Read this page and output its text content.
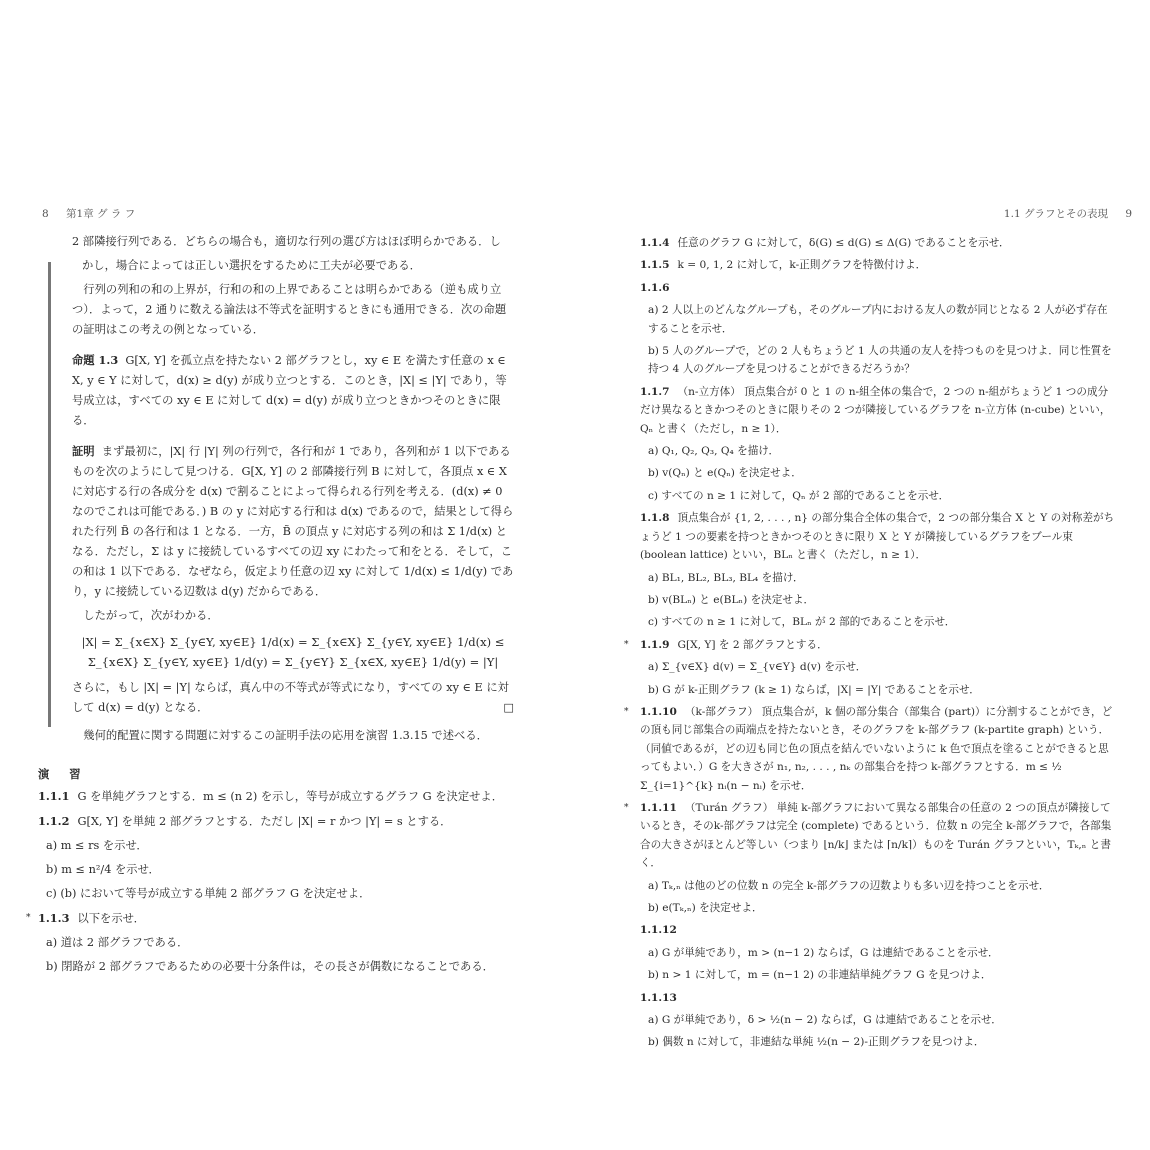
8 第1章 グ ラ フ

2 部隣接行列である．どちらの場合も，適切な行列の選び方はほぼ明らかである．し

かし，場合によっては正しい選択をするために工夫が必要である．

行列の列和の和の上界が，行和の和の上界であることは明らかである（逆も成り立つ）．よって，2 通りに数える論法は不等式を証明するときにも通用できる．次の命題の証明はこの考えの例となっている．

命題 1.3 G[X, Y] を孤立点を持たない 2 部グラフとし，xy ∈ E を満たす任意の x ∈ X, y ∈ Y に対して，d(x) ≥ d(y) が成り立つとする．このとき，|X| ≤ |Y| であり，等号成立は，すべての xy ∈ E に対して d(x) = d(y) が成り立つときかつそのときに限る．

証明 まず最初に，|X| 行 |Y| 列の行列で，各行和が 1 であり，各列和が 1 以下であるものを次のようにして見つける．G[X, Y] の 2 部隣接行列 B に対して，各頂点 x ∈ X に対応する行の各成分を d(x) で割ることによって得られる行列を考える．(d(x) ≠ 0 なのでこれは可能である．) B の y に対応する行和は d(x) であるので，結果として得られた行列 B̃ の各行和は 1 となる．一方，B̃ の頂点 y に対応する列の和は Σ 1/d(x) となる．ただし，Σ は y に接続しているすべての辺 xy にわたって和をとる．そして，この和は 1 以下である．なぜなら，仮定より任意の辺 xy に対して 1/d(x) ≤ 1/d(y) であり，y に接続している辺数は d(y) だからである．

したがって，次がわかる．

|X| = Σ_{x∈X} Σ_{y∈Y, xy∈E} 1/d(x) = Σ_{x∈X} Σ_{y∈Y, xy∈E} 1/d(x) ≤ Σ_{x∈X} Σ_{y∈Y, xy∈E} 1/d(y) = Σ_{y∈Y} Σ_{x∈X, xy∈E} 1/d(y) = |Y|

さらに，もし |X| = |Y| ならば，真ん中の不等式が等式になり，すべての xy ∈ E に対して d(x) = d(y) となる．	□

幾何的配置に関する問題に対するこの証明手法の応用を演習 1.3.15 で述べる．

演 習

1.1.1 G を単純グラフとする．m ≤ (n 2) を示し，等号が成立するグラフ G を決定せよ．

1.1.2 G[X, Y] を単純 2 部グラフとする．ただし |X| = r かつ |Y| = s とする．

a) m ≤ rs を示せ．

b) m ≤ n²/4 を示せ．

c) (b) において等号が成立する単純 2 部グラフ G を決定せよ．

* 1.1.3 以下を示せ．

a) 道は 2 部グラフである．

b) 閉路が 2 部グラフであるための必要十分条件は，その長さが偶数になることである．

1.1 グラフとその表現 9

1.1.4 任意のグラフ G に対して，δ(G) ≤ d(G) ≤ Δ(G) であることを示せ．

1.1.5 k = 0, 1, 2 に対して，k-正則グラフを特徴付けよ．

1.1.6

a) 2 人以上のどんなグループも，そのグループ内における友人の数が同じとなる 2 人が必ず存在することを示せ．

b) 5 人のグループで，どの 2 人もちょうど 1 人の共通の友人を持つものを見つけよ．同じ性質を持つ 4 人のグループを見つけることができるだろうか？

1.1.7 （n-立方体） 頂点集合が 0 と 1 の n-組全体の集合で，2 つの n-組がちょうど 1 つの成分だけ異なるときかつそのときに限りその 2 つが隣接しているグラフを n-立方体 (n-cube) といい，Qₙ と書く（ただし，n ≥ 1）．

a) Q₁, Q₂, Q₃, Q₄ を描け．

b) v(Qₙ) と e(Qₙ) を決定せよ．

c) すべての n ≥ 1 に対して，Qₙ が 2 部的であることを示せ．

1.1.8 頂点集合が {1, 2, . . . , n} の部分集合全体の集合で，2 つの部分集合 X と Y の対称差がちょうど 1 つの要素を持つときかつそのときに限り X と Y が隣接しているグラフをブール束 (boolean lattice) といい，BLₙ と書く（ただし，n ≥ 1）．

a) BL₁, BL₂, BL₃, BL₄ を描け．

b) v(BLₙ) と e(BLₙ) を決定せよ．

c) すべての n ≥ 1 に対して，BLₙ が 2 部的であることを示せ．

* 1.1.9 G[X, Y] を 2 部グラフとする．

a) Σ_{v∈X} d(v) = Σ_{v∈Y} d(v) を示せ．

b) G が k-正則グラフ (k ≥ 1) ならば，|X| = |Y| であることを示せ．

* 1.1.10 （k-部グラフ） 頂点集合が，k 個の部分集合（部集合 (part)）に分割することができ，どの頂も同じ部集合の両端点を持たないとき，そのグラフを k-部グラフ (k-partite graph) という．（同値であるが，どの辺も同じ色の頂点を結んでいないように k 色で頂点を塗ることができると思ってもよい．）G を大きさが n₁, n₂, . . . , nₖ の部集合を持つ k-部グラフとする．m ≤ ½ Σ_{i=1}^{k} nᵢ(n − nᵢ) を示せ．

* 1.1.11 （Turán グラフ） 単純 k-部グラフにおいて異なる部集合の任意の 2 つの頂点が隣接しているとき，そのk-部グラフは完全 (complete) であるという．位数 n の完全 k-部グラフで，各部集合の大きさがほとんど等しい（つまり ⌊n/k⌋ または ⌈n/k⌉）ものを Turán グラフといい，Tₖ,ₙ と書く．

a) Tₖ,ₙ は他のどの位数 n の完全 k-部グラフの辺数よりも多い辺を持つことを示せ．

b) e(Tₖ,ₙ) を決定せよ．

1.1.12

a) G が単純であり，m > (n−1 2) ならば，G は連結であることを示せ．

b) n > 1 に対して，m = (n−1 2) の非連結単純グラフ G を見つけよ．

1.1.13

a) G が単純であり，δ > ½(n − 2) ならば，G は連結であることを示せ．

b) 偶数 n に対して，非連結な単純 ½(n − 2)-正則グラフを見つけよ．
